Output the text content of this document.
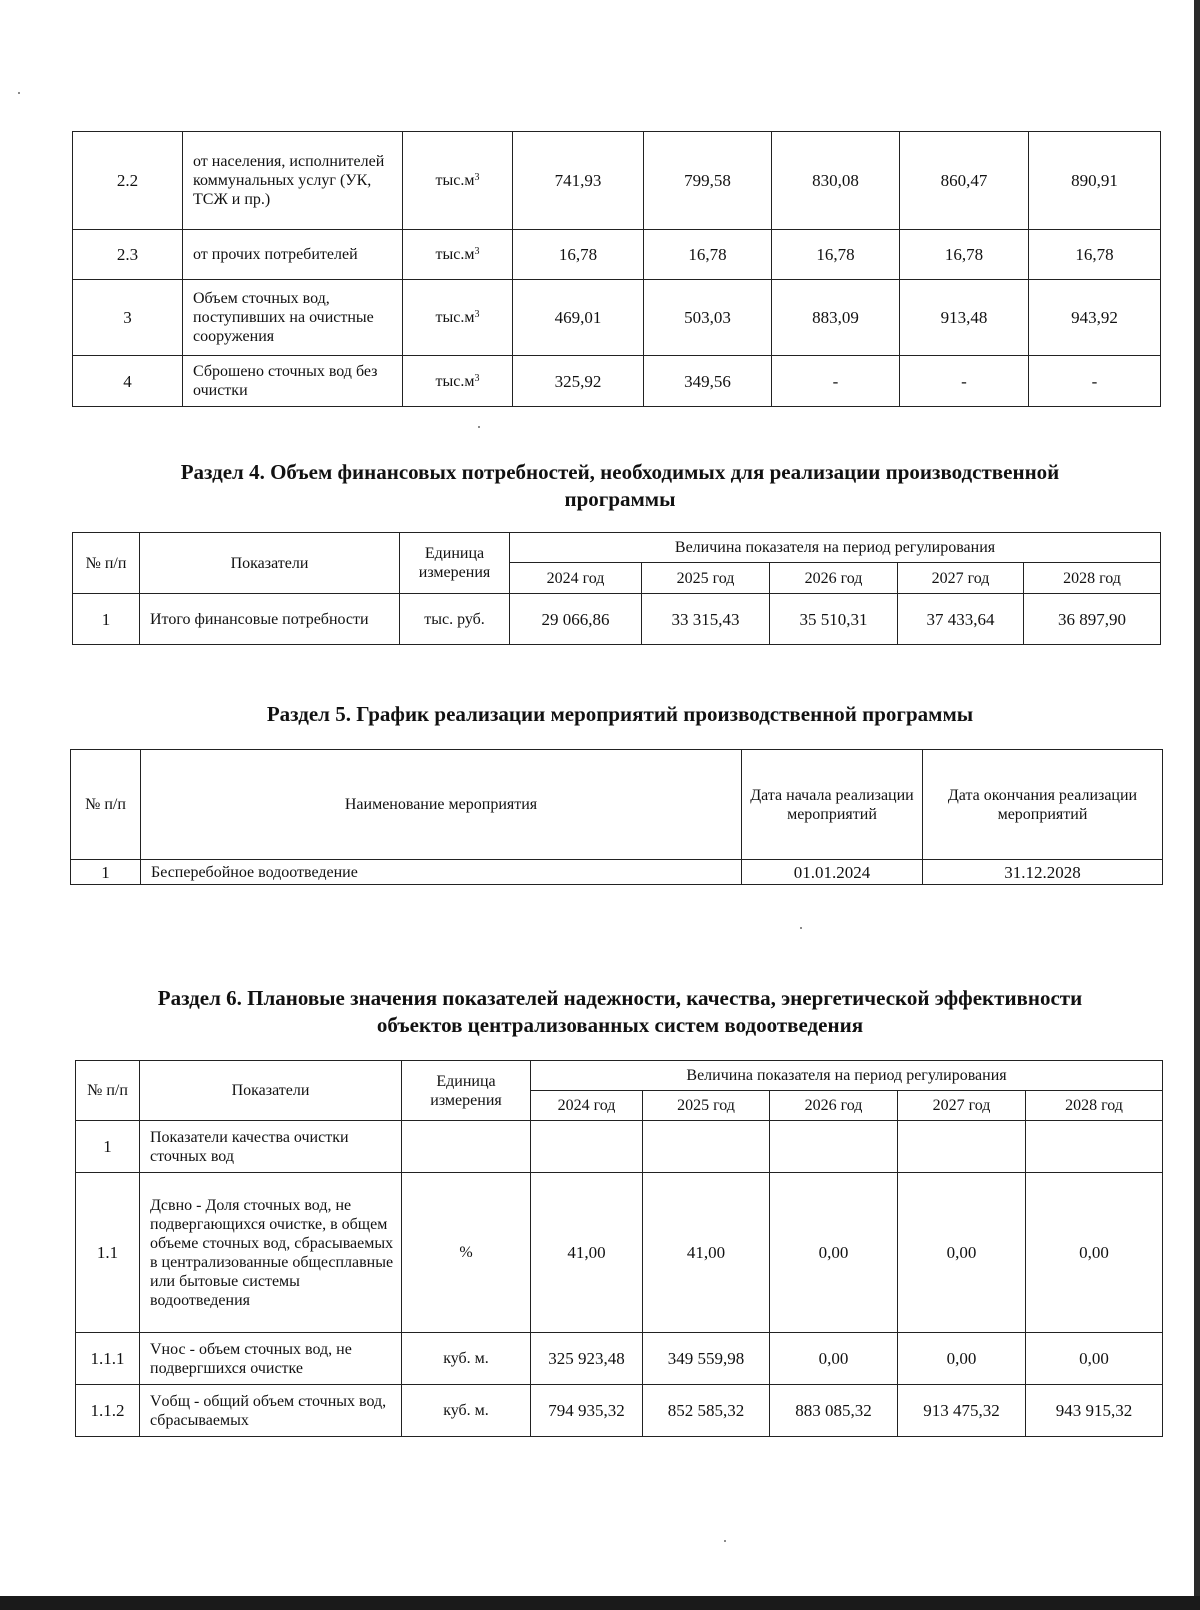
2.2	от населения, исполнителей коммунальных услуг (УК, ТСЖ и пр.)	$тыс.м^3$	741,93	799,58	830,08	860,47	890,91
2.3	от прочих потребителей	$тыс.м^3$	16,78	16,78	16,78	16,78	16,78
3	Объем сточных вод, поступивших на очистные сооружения	$тыс.м^3$	469,01	503,03	883,09	913,48	943,92
4	Сброшено сточных вод без очистки	$тыс.м^3$	325,92	349,56	-	-	-
Раздел 4. Объем финансовых потребностей, необходимых для реализации производственной
программы
№ п/п	Показатели	Единица измерения	Величина показателя на период регулирования				
			2024 год	2025 год	2026 год	2027 год	2028 год
1	Итого финансовые потребности	тыс. руб.	29 066,86	33 315,43	35 510,31	37 433,64	36 897,90
Раздел 5. График реализации мероприятий производственной программы
№ п/п	Наименование мероприятия	Дата начала реализации мероприятий	Дата окончания реализации мероприятий
1	Бесперебойное водоотведение	01.01.2024	31.12.2028
Раздел 6. Плановые значения показателей надежности, качества, энергетической эффективности
объектов централизованных систем водоотведения
№ п/п	Показатели	Единица измерения	Величина показателя на период регулирования				
			2024 год	2025 год	2026 год	2027 год	2028 год
1	Показатели качества очистки сточных вод						
1.1	Дсвно - Доля сточных вод, не подвергающихся очистке, в общем объеме сточных вод, сбрасываемых в централизованные общесплавные или бытовые системы водоотведения	%	41,00	41,00	0,00	0,00	0,00
1.1.1	Vнос - объем сточных вод, не подвергшихся очистке	куб. м.	325 923,48	349 559,98	0,00	0,00	0,00
1.1.2	Vобщ - общий объем сточных вод, сбрасываемых	куб. м.	794 935,32	852 585,32	883 085,32	913 475,32	943 915,32
